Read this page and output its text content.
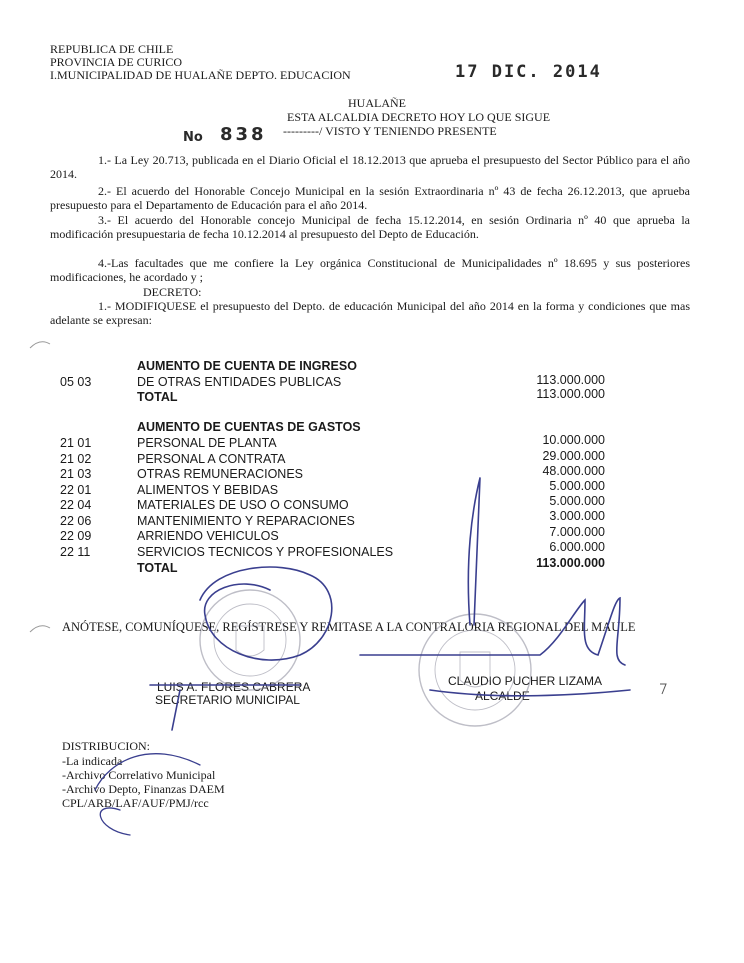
REPUBLICA DE CHILE
PROVINCIA DE CURICO
I.MUNICIPALIDAD DE HUALAÑE DEPTO. EDUCACION	17 DIC. 2014
HUALAÑE
ESTA ALCALDIA DECRETO HOY LO QUE SIGUE
No 838 ---------/ VISTO Y TENIENDO PRESENTE
1.- La Ley 20.713, publicada en el Diario Oficial el 18.12.2013 que aprueba el presupuesto del Sector Público para el año 2014.
2.- El acuerdo del Honorable Concejo Municipal en la sesión Extraordinaria nº 43 de fecha 26.12.2013, que aprueba presupuesto para el Departamento de Educación para el año 2014.
3.- El acuerdo del Honorable concejo Municipal de fecha 15.12.2014, en sesión Ordinaria nº 40 que aprueba la modificación presupuestaria de fecha 10.12.2014 al presupuesto del Depto de Educación.
4.-Las facultades que me confiere la Ley orgánica Constitucional de Municipalidades nº 18.695 y sus posteriores modificaciones, he acordado y ;
DECRETO:
1.- MODIFIQUESE el presupuesto del Depto. de educación Municipal del año 2014 en la forma y condiciones que mas adelante se expresan:
AUMENTO DE CUENTA DE INGRESO
05 03	DE OTRAS ENTIDADES PUBLICAS	113.000.000
TOTAL	113.000.000
AUMENTO DE CUENTAS DE GASTOS
21 01	PERSONAL DE PLANTA	10.000.000
21 02	PERSONAL A CONTRATA	29.000.000
21 03	OTRAS REMUNERACIONES	48.000.000
22 01	ALIMENTOS Y BEBIDAS	5.000.000
22 04	MATERIALES DE USO O CONSUMO	5.000.000
22 06	MANTENIMIENTO Y REPARACIONES	3.000.000
22 09	ARRIENDO VEHICULOS	7.000.000
22 11	SERVICIOS TECNICOS Y PROFESIONALES	6.000.000
TOTAL	113.000.000
ANÓTESE, COMUNÍQUESE, REGÍSTRESE Y REMITASE A LA CONTRALORIA REGIONAL DEL MAULE
LUIS A. FLORES CABRERA
SECRETARIO MUNICIPAL
CLAUDIO PUCHER LIZAMA
ALCALDE
DISTRIBUCION:
-La indicada
-Archivo Correlativo Municipal
-Archivo Depto, Finanzas DAEM
CPL/ARB/LAF/AUF/PMJ/rcc
